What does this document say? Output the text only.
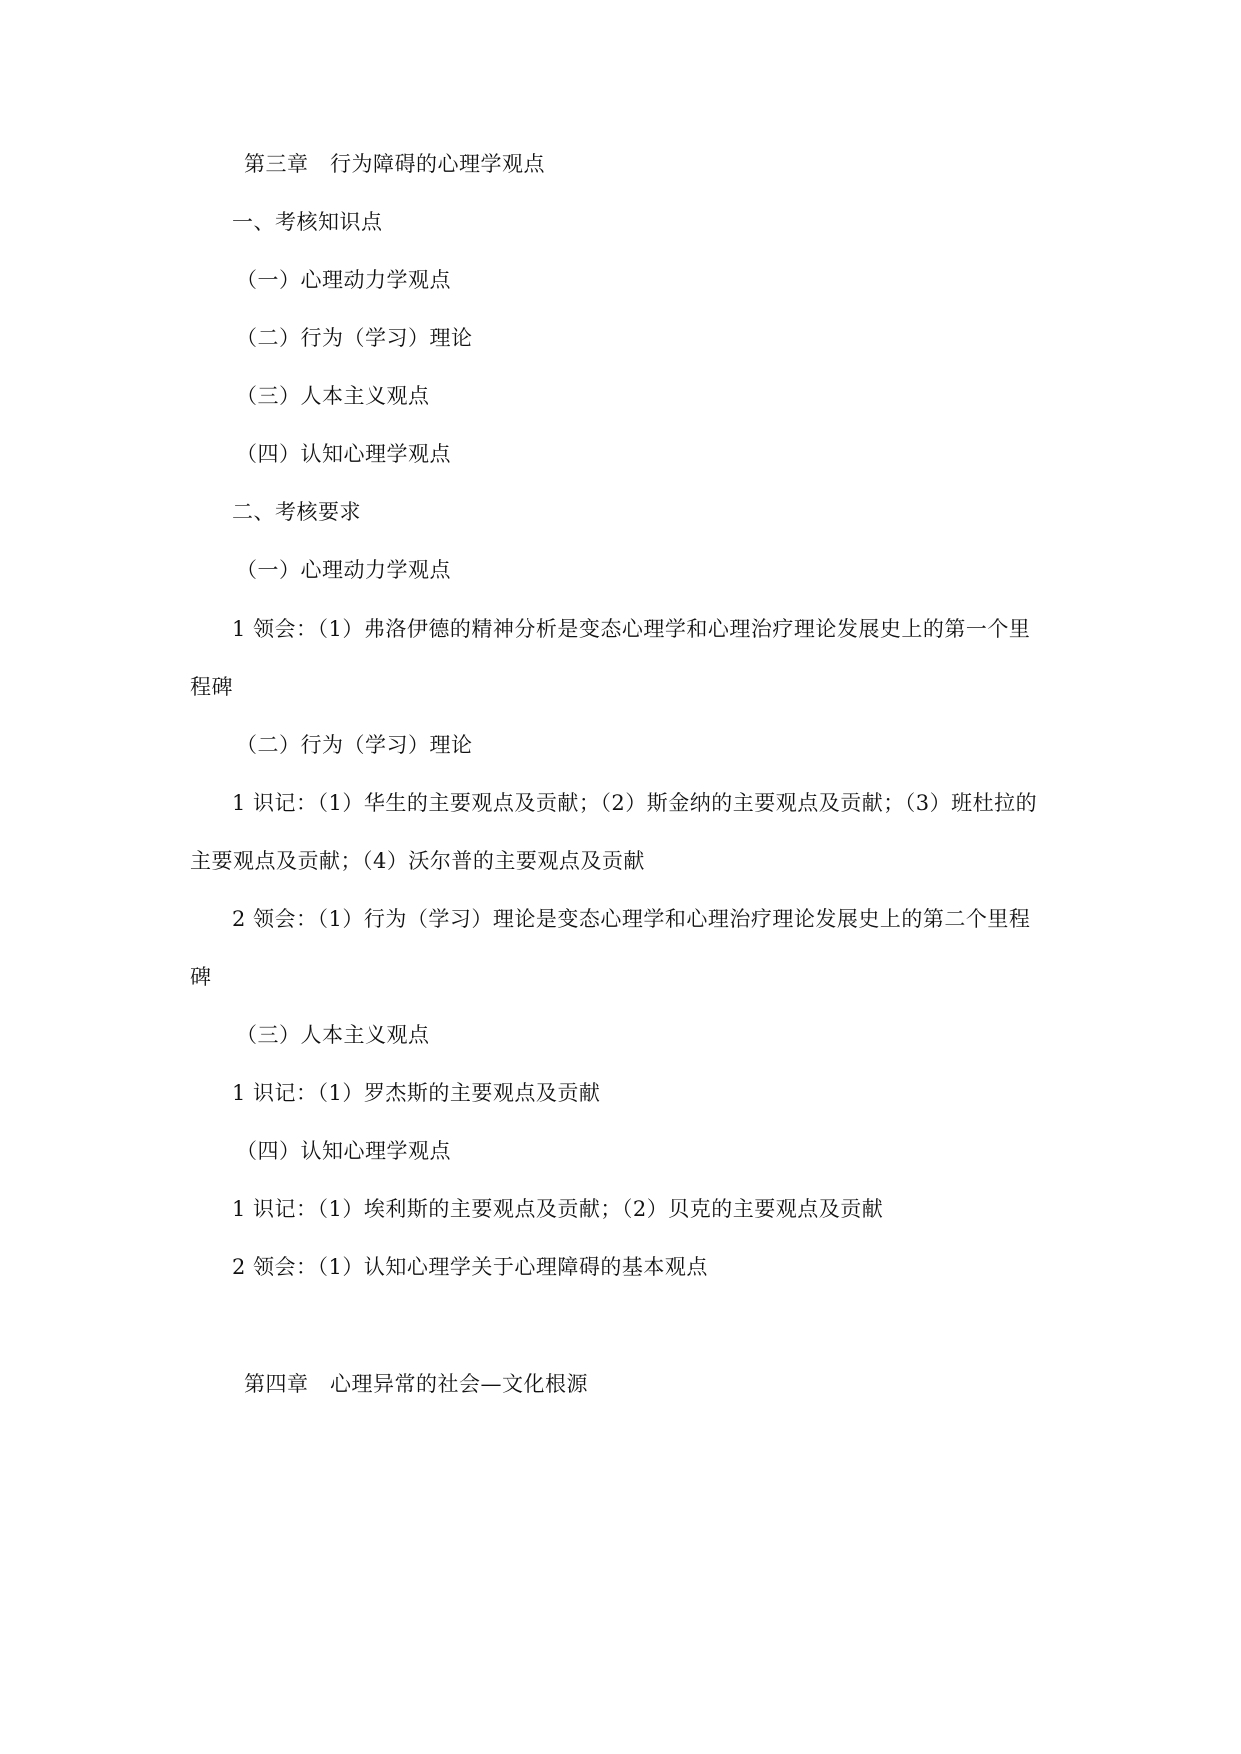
第三章　行为障碍的心理学观点
一、考核知识点
（一）心理动力学观点
（二）行为（学习）理论
（三）人本主义观点
（四）认知心理学观点
二、考核要求
（一）心理动力学观点
1 领会：（1）弗洛伊德的精神分析是变态心理学和心理治疗理论发展史上的第一个里
程碑
（二）行为（学习）理论
1 识记：（1）华生的主要观点及贡献；（2）斯金纳的主要观点及贡献；（3）班杜拉的
主要观点及贡献；（4）沃尔普的主要观点及贡献
2 领会：（1）行为（学习）理论是变态心理学和心理治疗理论发展史上的第二个里程
碑
（三）人本主义观点
1 识记：（1）罗杰斯的主要观点及贡献
（四）认知心理学观点
1 识记：（1）埃利斯的主要观点及贡献；（2）贝克的主要观点及贡献
2 领会：（1）认知心理学关于心理障碍的基本观点
第四章　心理异常的社会—文化根源
